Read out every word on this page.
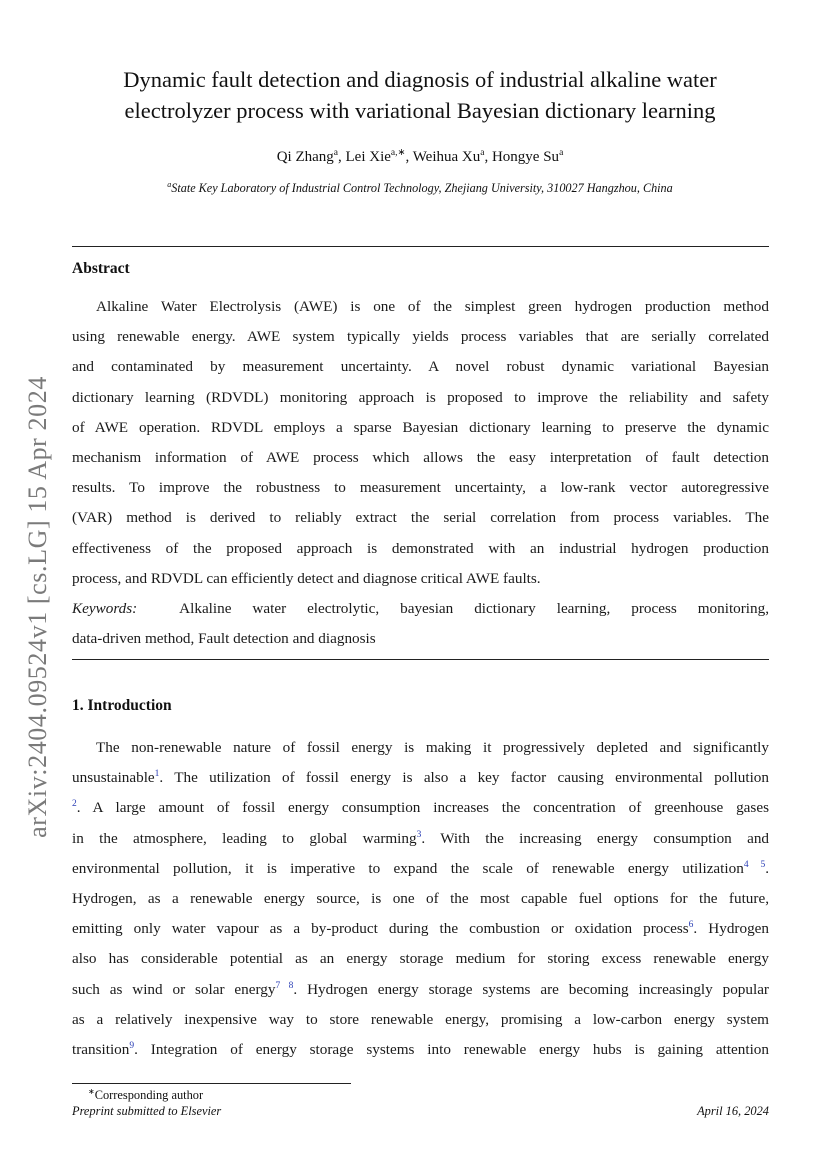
arXiv:2404.09524v1 [cs.LG] 15 Apr 2024
Dynamic fault detection and diagnosis of industrial alkaline water
electrolyzer process with variational Bayesian dictionary learning
Qi Zhang$^a$, Lei Xie$^{a,∗}$, Weihua Xu$^a$, Hongye Su$^a$
$^a$State Key Laboratory of Industrial Control Technology, Zhejiang University, 310027 Hangzhou, China
Abstract
Alkaline Water Electrolysis (AWE) is one of the simplest green hydrogen production method
using renewable energy. AWE system typically yields process variables that are serially correlated
and contaminated by measurement uncertainty. A novel robust dynamic variational Bayesian
dictionary learning (RDVDL) monitoring approach is proposed to improve the reliability and safety
of AWE operation. RDVDL employs a sparse Bayesian dictionary learning to preserve the dynamic
mechanism information of AWE process which allows the easy interpretation of fault detection
results. To improve the robustness to measurement uncertainty, a low-rank vector autoregressive
(VAR) method is derived to reliably extract the serial correlation from process variables. The
effectiveness of the proposed approach is demonstrated with an industrial hydrogen production
process, and RDVDL can efficiently detect and diagnose critical AWE faults.
Keywords:	Alkaline water electrolytic, bayesian dictionary learning, process monitoring,
data-driven method, Fault detection and diagnosis
1. Introduction
The non-renewable nature of fossil energy is making it progressively depleted and significantly
unsustainable$^1$. The utilization of fossil energy is also a key factor causing environmental pollution
$^2$. A large amount of fossil energy consumption increases the concentration of greenhouse gases
in the atmosphere, leading to global warming$^3$. With the increasing energy consumption and
environmental pollution, it is imperative to expand the scale of renewable energy utilization$^{4 5}$.
Hydrogen, as a renewable energy source, is one of the most capable fuel options for the future,
emitting only water vapour as a by-product during the combustion or oxidation process$^6$. Hydrogen
also has considerable potential as an energy storage medium for storing excess renewable energy
such as wind or solar energy$^{7 8}$. Hydrogen energy storage systems are becoming increasingly popular
as a relatively inexpensive way to store renewable energy, promising a low-carbon energy system
transition$^9$. Integration of energy storage systems into renewable energy hubs is gaining attention
∗Corresponding author
Preprint submitted to Elsevier	April 16, 2024
